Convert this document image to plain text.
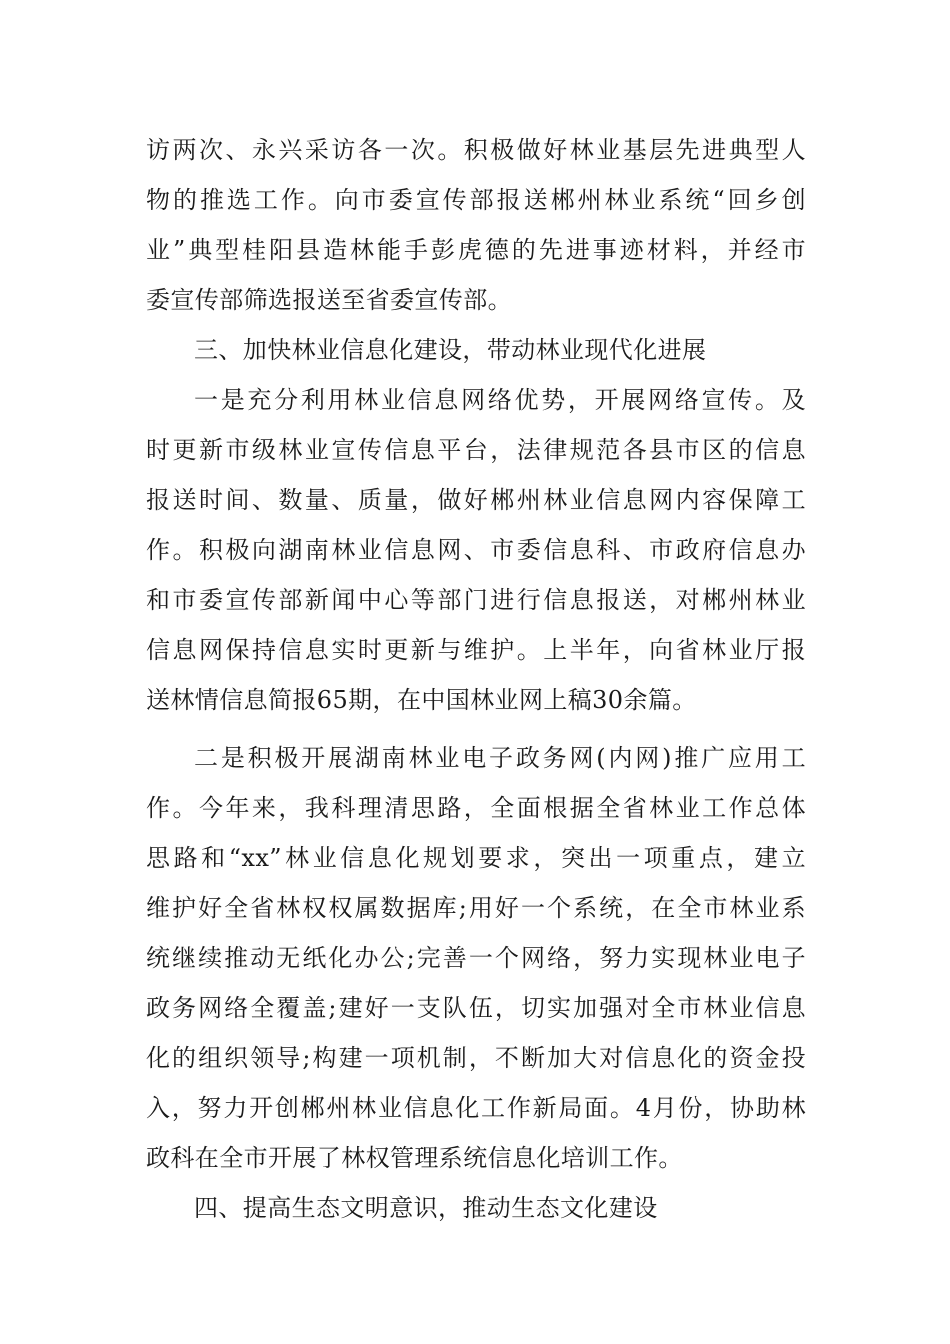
访两次、永兴采访各一次。积极做好林业基层先进典型人
物的推选工作。向市委宣传部报送郴州林业系统“回乡创
业”典型桂阳县造林能手彭虎德的先进事迹材料，并经市
委宣传部筛选报送至省委宣传部。
三、加快林业信息化建设，带动林业现代化进展
一是充分利用林业信息网络优势，开展网络宣传。及
时更新市级林业宣传信息平台，法律规范各县市区的信息
报送时间、数量、质量，做好郴州林业信息网内容保障工
作。积极向湖南林业信息网、市委信息科、市政府信息办
和市委宣传部新闻中心等部门进行信息报送，对郴州林业
信息网保持信息实时更新与维护。上半年，向省林业厅报
送林情信息简报65期，在中国林业网上稿30余篇。
二是积极开展湖南林业电子政务网(内网)推广应用工
作。今年来，我科理清思路，全面根据全省林业工作总体
思路和“xx”林业信息化规划要求，突出一项重点，建立
维护好全省林权权属数据库;用好一个系统，在全市林业系
统继续推动无纸化办公;完善一个网络，努力实现林业电子
政务网络全覆盖;建好一支队伍，切实加强对全市林业信息
化的组织领导;构建一项机制，不断加大对信息化的资金投
入，努力开创郴州林业信息化工作新局面。4月份，协助林
政科在全市开展了林权管理系统信息化培训工作。
四、提高生态文明意识，推动生态文化建设
